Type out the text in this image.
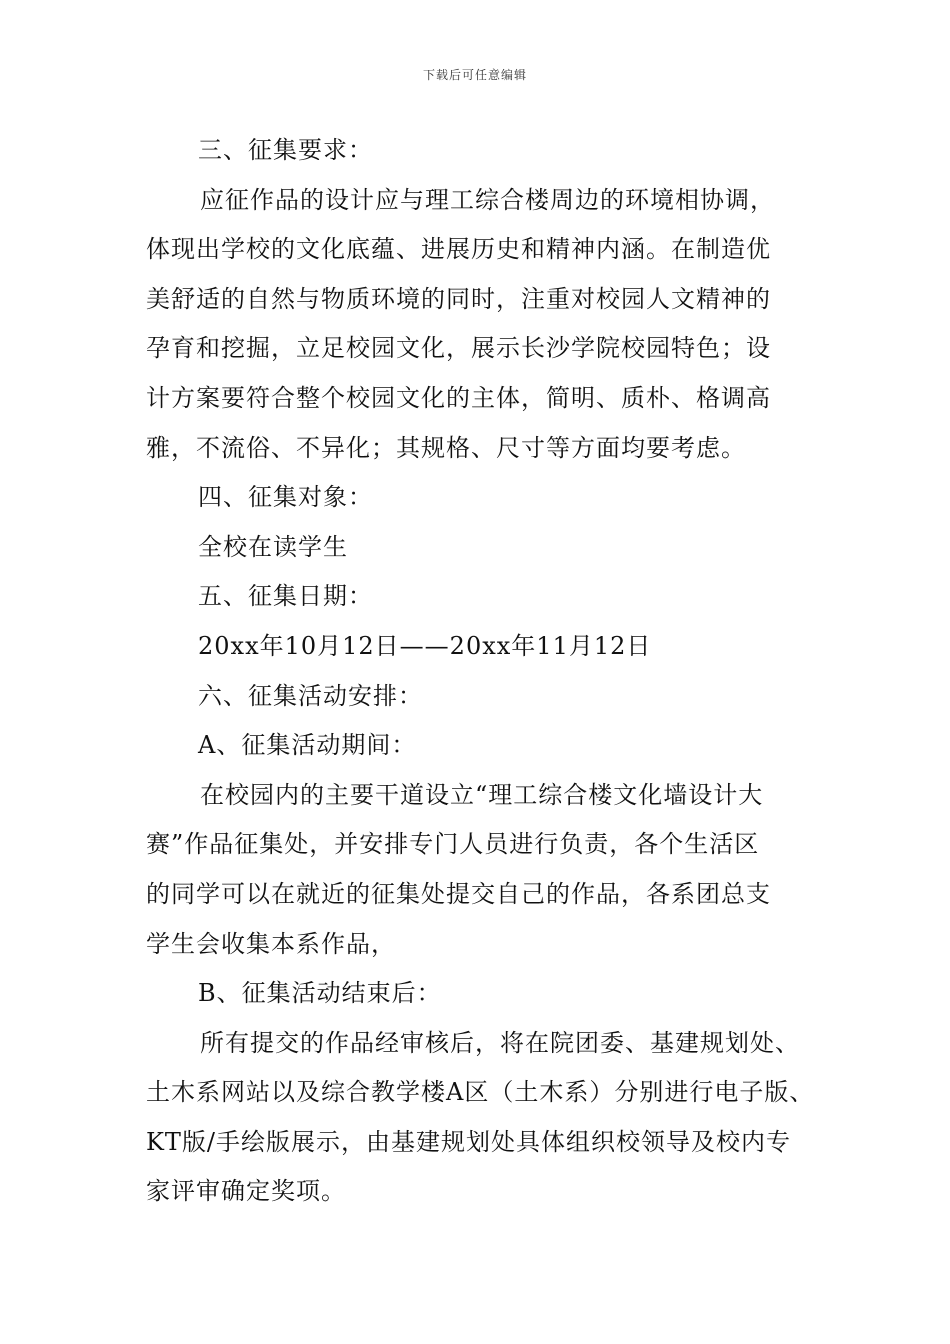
下载后可任意编辑
三、征集要求：
应征作品的设计应与理工综合楼周边的环境相协调，
体现出学校的文化底蕴、进展历史和精神内涵。在制造优
美舒适的自然与物质环境的同时，注重对校园人文精神的
孕育和挖掘，立足校园文化，展示长沙学院校园特色；设
计方案要符合整个校园文化的主体，简明、质朴、格调高
雅，不流俗、不异化；其规格、尺寸等方面均要考虑。
四、征集对象：
全校在读学生
五、征集日期：
20xx年10月12日——20xx年11月12日
六、征集活动安排：
A、征集活动期间：
在校园内的主要干道设立“理工综合楼文化墙设计大
赛”作品征集处，并安排专门人员进行负责，各个生活区
的同学可以在就近的征集处提交自己的作品，各系团总支
学生会收集本系作品，
B、征集活动结束后：
所有提交的作品经审核后，将在院团委、基建规划处、
土木系网站以及综合教学楼A区（土木系）分别进行电子版、
KT版/手绘版展示，由基建规划处具体组织校领导及校内专
家评审确定奖项。
